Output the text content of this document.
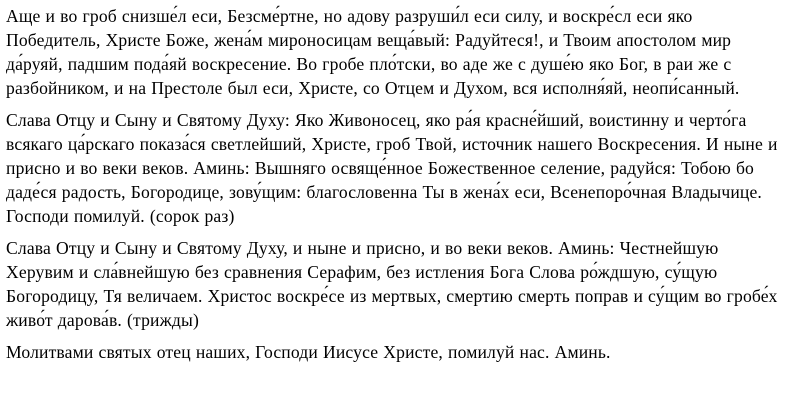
Аще и во гроб снизше́л еси, Безсме́ртне, но адову разруши́л еси силу, и воскре́сл еси яко Победитель, Христе Боже, жена́м мироносицам веща́вый: Радуйтеся!, и Твоим апостолом мир да́руяй, падшим пода́яй воскресение. Во гробе пло́тски, во аде же с душе́ю яко Бог, в раи же с разбойником, и на Престоле был еси, Христе, со Отцем и Духом, вся исполня́яй, неопи́санный.

Слава Отцу и Сыну и Святому Духу: Яко Живоносец, яко ра́я красне́йший, воистинну и черто́га всякаго ца́рскаго показа́ся светлейший, Христе, гроб Твой, источник нашего Воскресения. И ныне и присно и во веки веков. Аминь: Вышняго освяще́нное Божественное селение, радуйся: Тобою бо даде́ся радость, Богородице, зову́щим: благословенна Ты в жена́х еси, Всенепоро́чная Владычице. Господи помилуй. (сорок раз)

Слава Отцу и Сыну и Святому Духу, и ныне и присно, и во веки веков. Аминь: Честнейшую Херувим и сла́внейшую без сравнения Серафим, без истления Бога Слова ро́ждшую, су́щую Богородицу, Тя величаем. Христос воскре́се из мертвых, смертию смерть поправ и су́щим во гробе́х живо́т дарова́в. (трижды)

Молитвами святых отец наших, Господи Иисусе Христе, помилуй нас. Аминь.
